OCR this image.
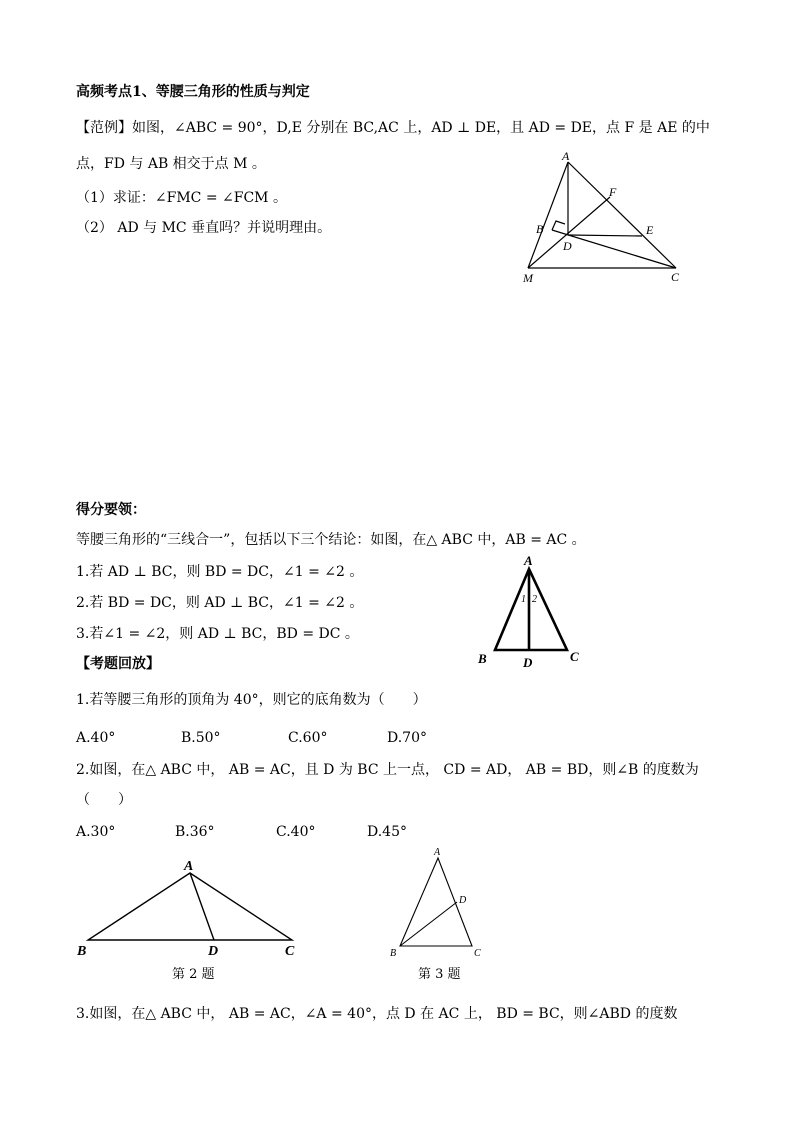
高频考点1、等腰三角形的性质与判定
【范例】如图，∠ABC = 90°，D,E 分别在 BC,AC 上，AD ⊥ DE，且 AD = DE，点 F 是 AE 的中
点，FD 与 AB 相交于点 M 。
（1）求证：∠FMC = ∠FCM 。
（2） AD 与 MC 垂直吗？并说明理由。
A
F
B
D
E
M	C
得分要领：
等腰三角形的“三线合一”，包括以下三个结论：如图，在△ ABC 中，AB = AC 。
1.若 AD ⊥ BC，则 BD = DC，∠1 = ∠2 。
2.若 BD = DC，则 AD ⊥ BC，∠1 = ∠2 。
3.若∠1 = ∠2，则 AD ⊥ BC，BD = DC 。
A
B	C
D
1 2
【考题回放】
1.若等腰三角形的顶角为 40°，则它的底角数为（　　）
A.40°	B.50°	C.60°	D.70°
2.如图，在△ ABC 中， AB = AC，且 D 为 BC 上一点， CD = AD， AB = BD，则∠B 的度数为
（　　）
A.30°	B.36°	C.40°	D.45°
A
B	D	C
A
B	C
D
第 2 题	第 3 题
3.如图，在△ ABC 中， AB = AC，∠A = 40°，点 D 在 AC 上， BD = BC，则∠ABD 的度数
